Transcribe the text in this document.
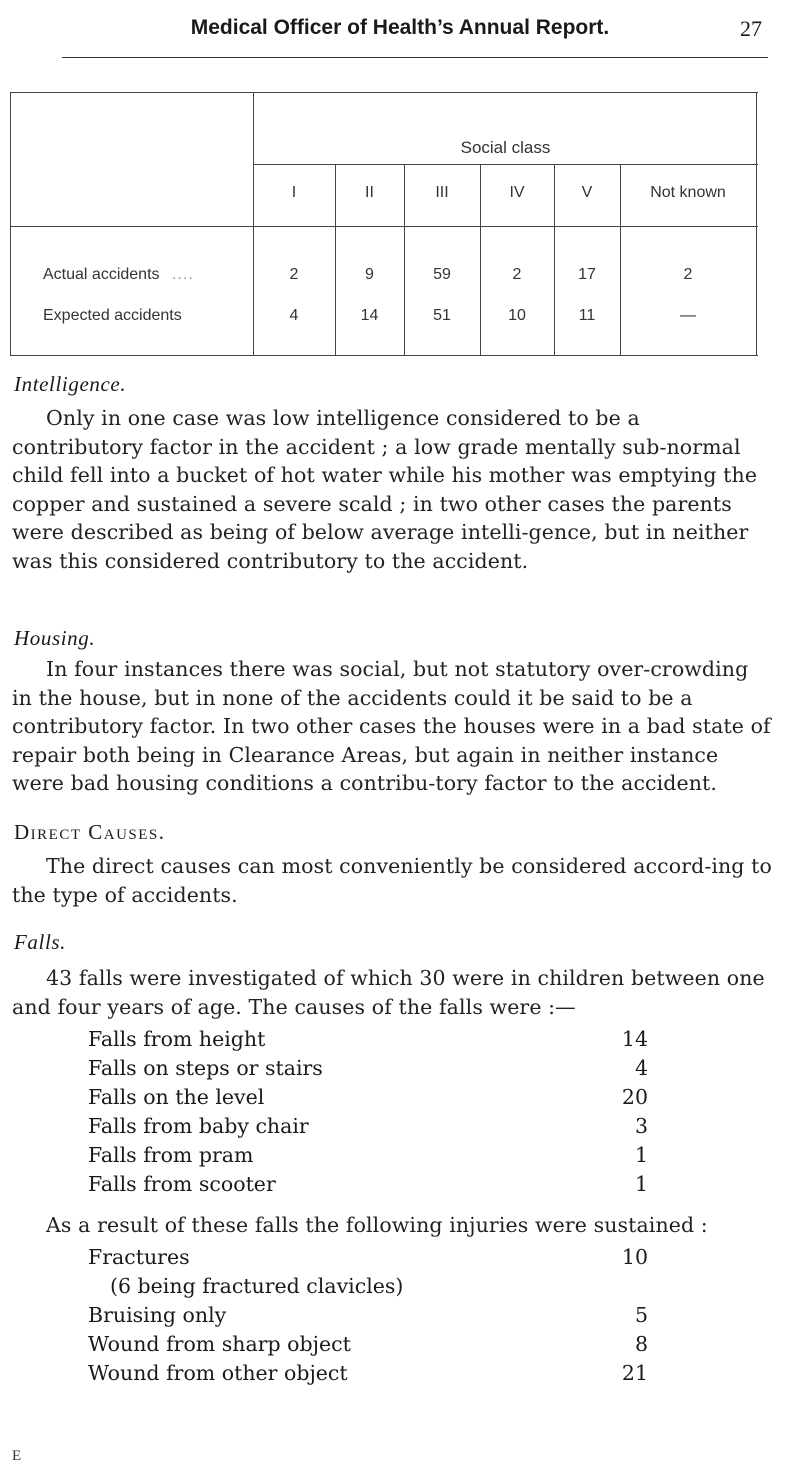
Medical Officer of Health’s Annual Report.	27
Social class
I	II	III	IV	V	Not known
Actual accidents ....	2	9	59	2	17	2
Expected accidents	4	14	51	10	11	—
Intelligence.
Only in one case was low intelligence considered to be a contributory factor in the accident ; a low grade mentally sub-normal child fell into a bucket of hot water while his mother was emptying the copper and sustained a severe scald ; in two other cases the parents were described as being of below average intelli-gence, but in neither was this considered contributory to the accident.
Housing.
In four instances there was social, but not statutory over-crowding in the house, but in none of the accidents could it be said to be a contributory factor. In two other cases the houses were in a bad state of repair both being in Clearance Areas, but again in neither instance were bad housing conditions a contribu-tory factor to the accident.
Direct Causes.
The direct causes can most conveniently be considered accord-ing to the type of accidents.
Falls.
43 falls were investigated of which 30 were in children between one and four years of age. The causes of the falls were :—
Falls from height	14
Falls on steps or stairs	4
Falls on the level	20
Falls from baby chair	3
Falls from pram	1
Falls from scooter	1
As a result of these falls the following injuries were sustained :
Fractures	10
(6 being fractured clavicles)
Bruising only	5
Wound from sharp object	8
Wound from other object	21
E
